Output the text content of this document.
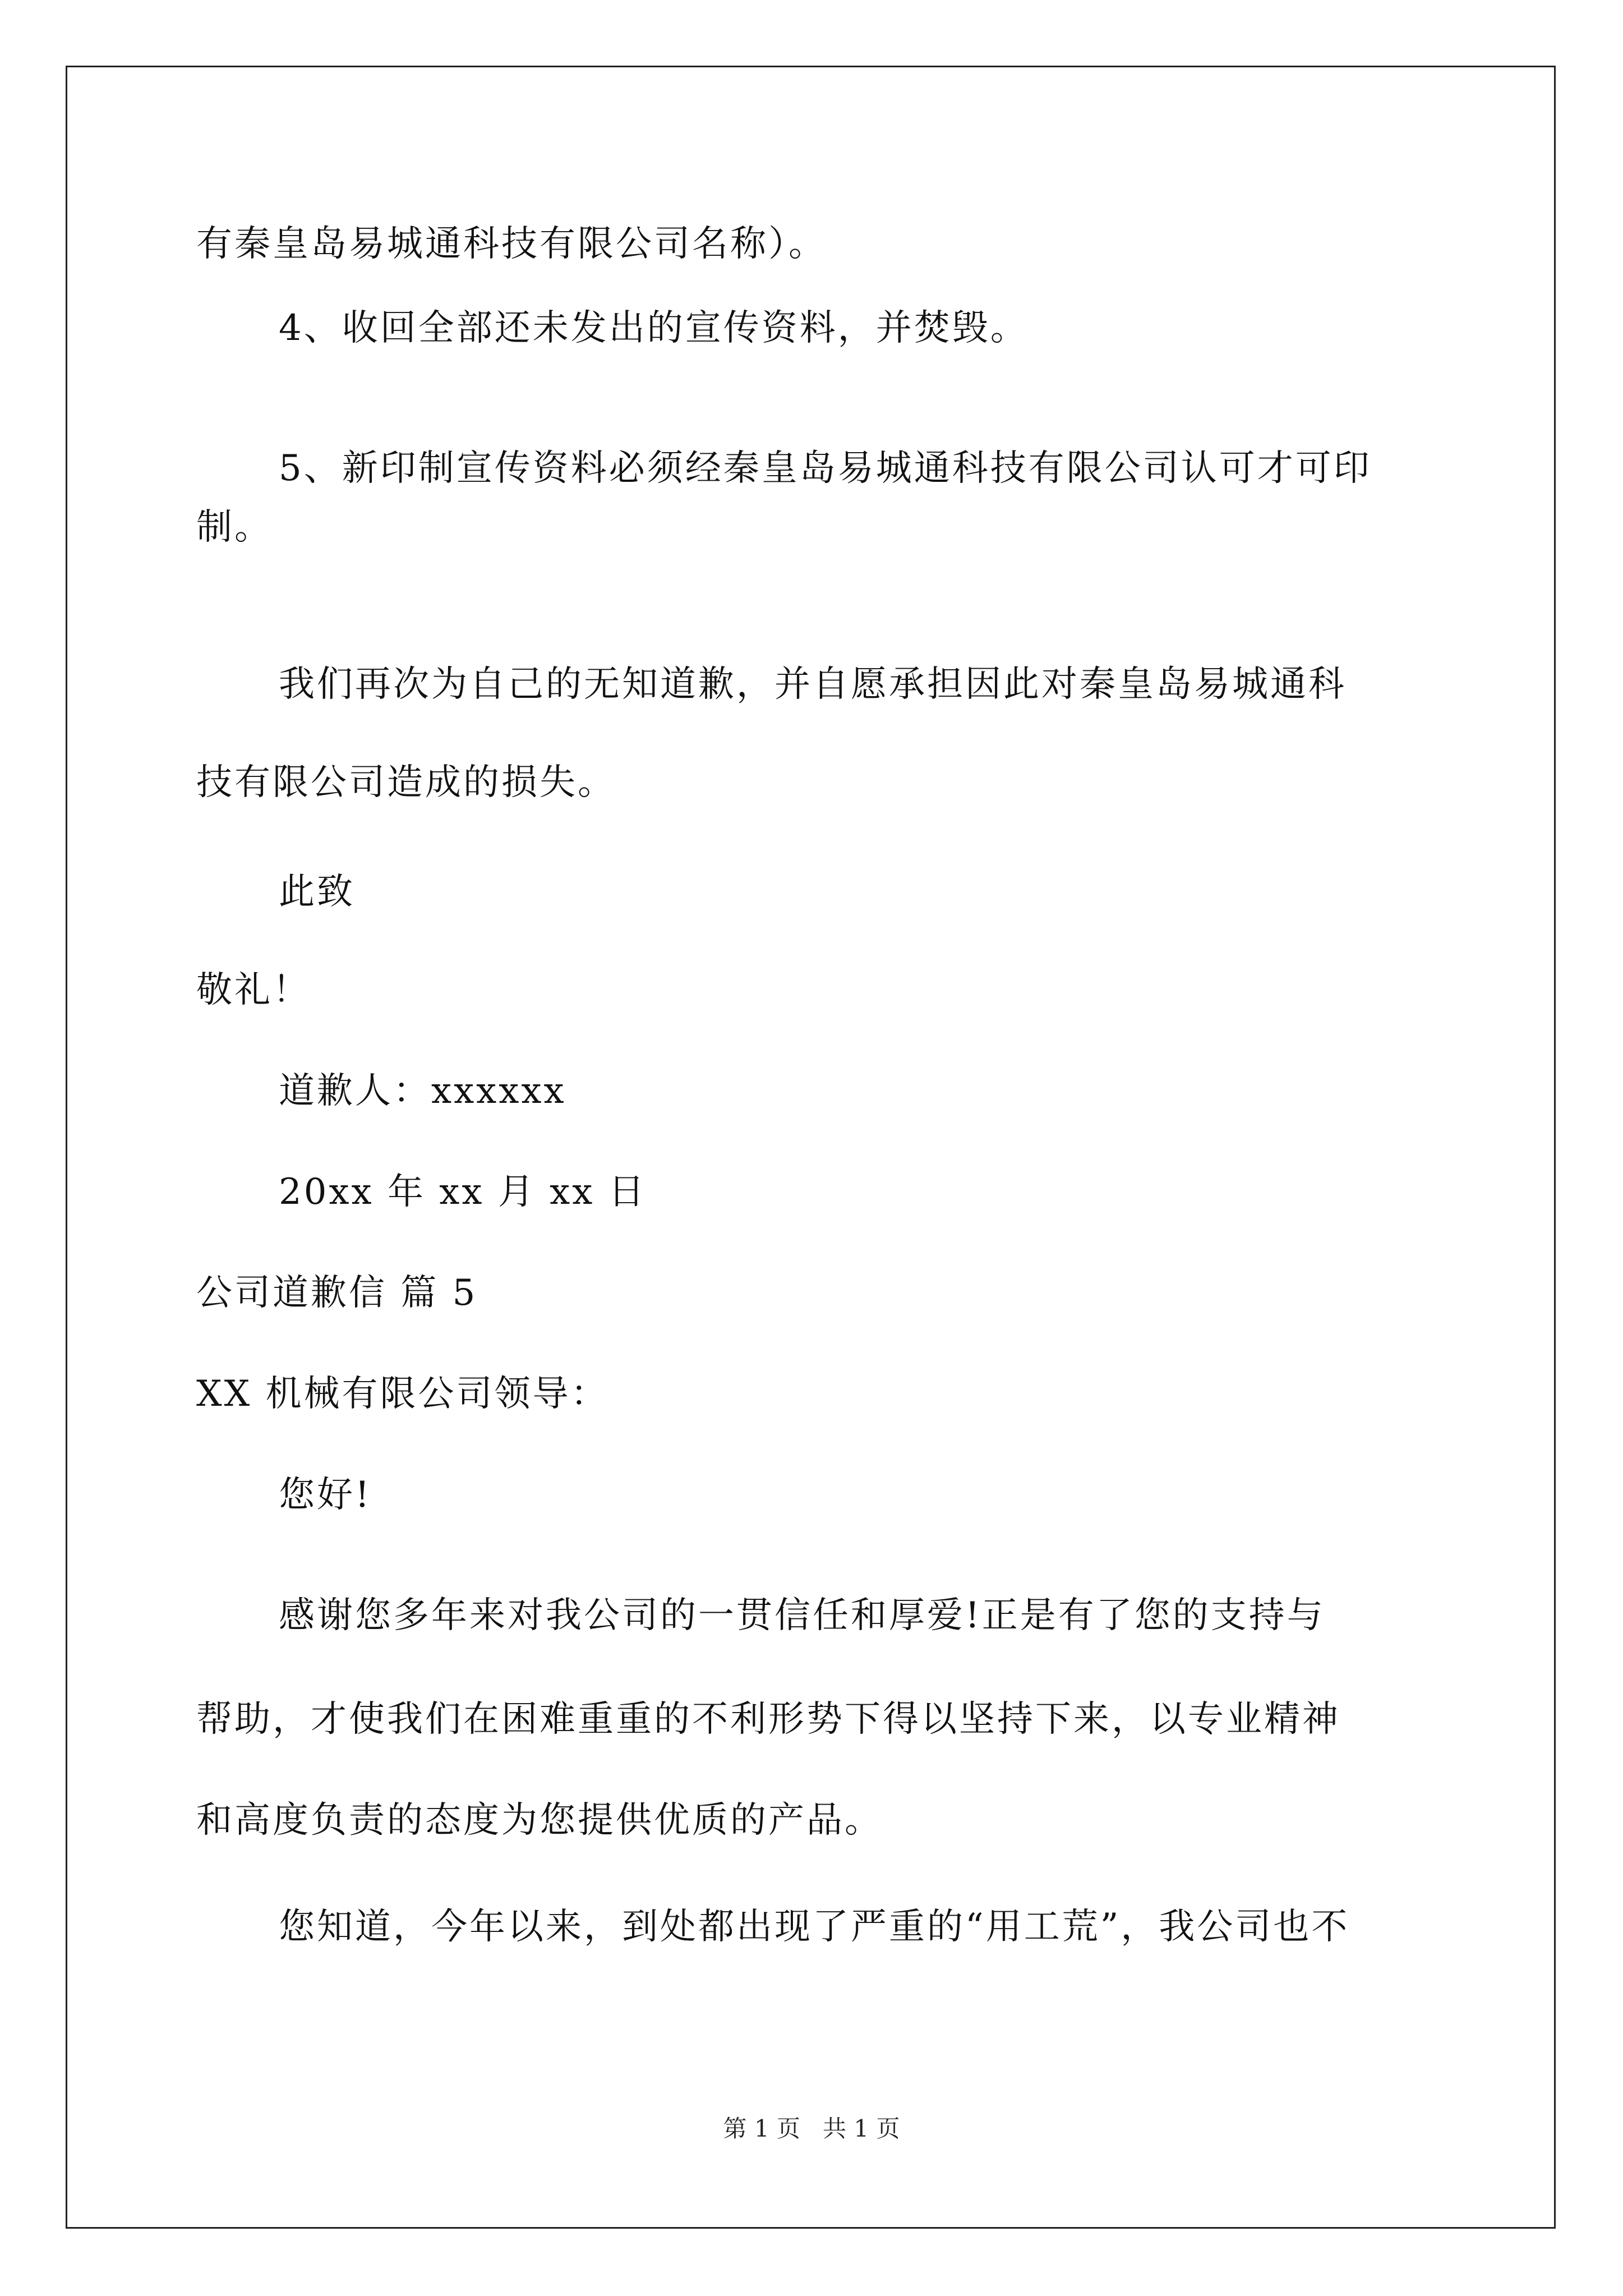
有秦皇岛易城通科技有限公司名称）。
4、收回全部还未发出的宣传资料，并焚毁。
5、新印制宣传资料必须经秦皇岛易城通科技有限公司认可才可印
制。
我们再次为自己的无知道歉，并自愿承担因此对秦皇岛易城通科
技有限公司造成的损失。
此致
敬礼！
道歉人：xxxxxx
20xx 年 xx 月 xx 日
公司道歉信 篇 5
XX 机械有限公司领导：
您好!
感谢您多年来对我公司的一贯信任和厚爱!正是有了您的支持与
帮助，才使我们在困难重重的不利形势下得以坚持下来，以专业精神
和高度负责的态度为您提供优质的产品。
您知道，今年以来，到处都出现了严重的“用工荒”，我公司也不
第 1 页   共 1 页
